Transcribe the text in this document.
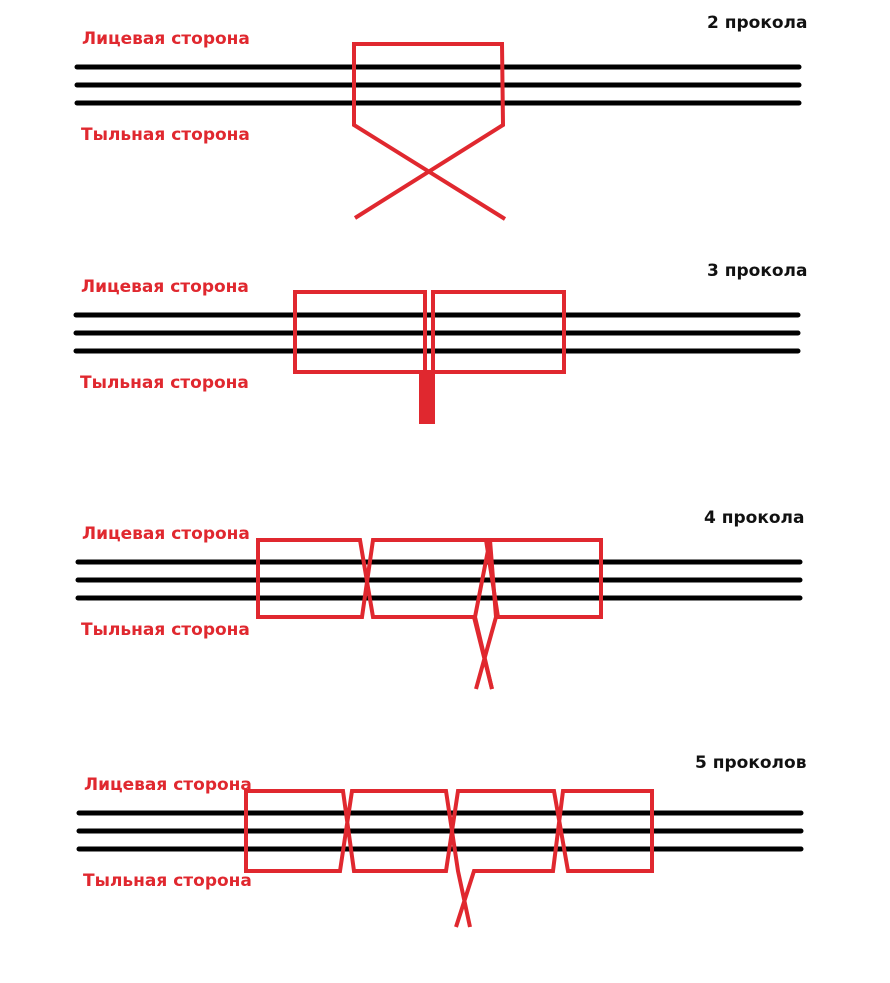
Лицевая сторона
Тыльная сторона
2 прокола
Лицевая сторона
Тыльная сторона
3 прокола
Лицевая сторона
Тыльная сторона
4 прокола
Лицевая сторона
Тыльная сторона
5 проколов
